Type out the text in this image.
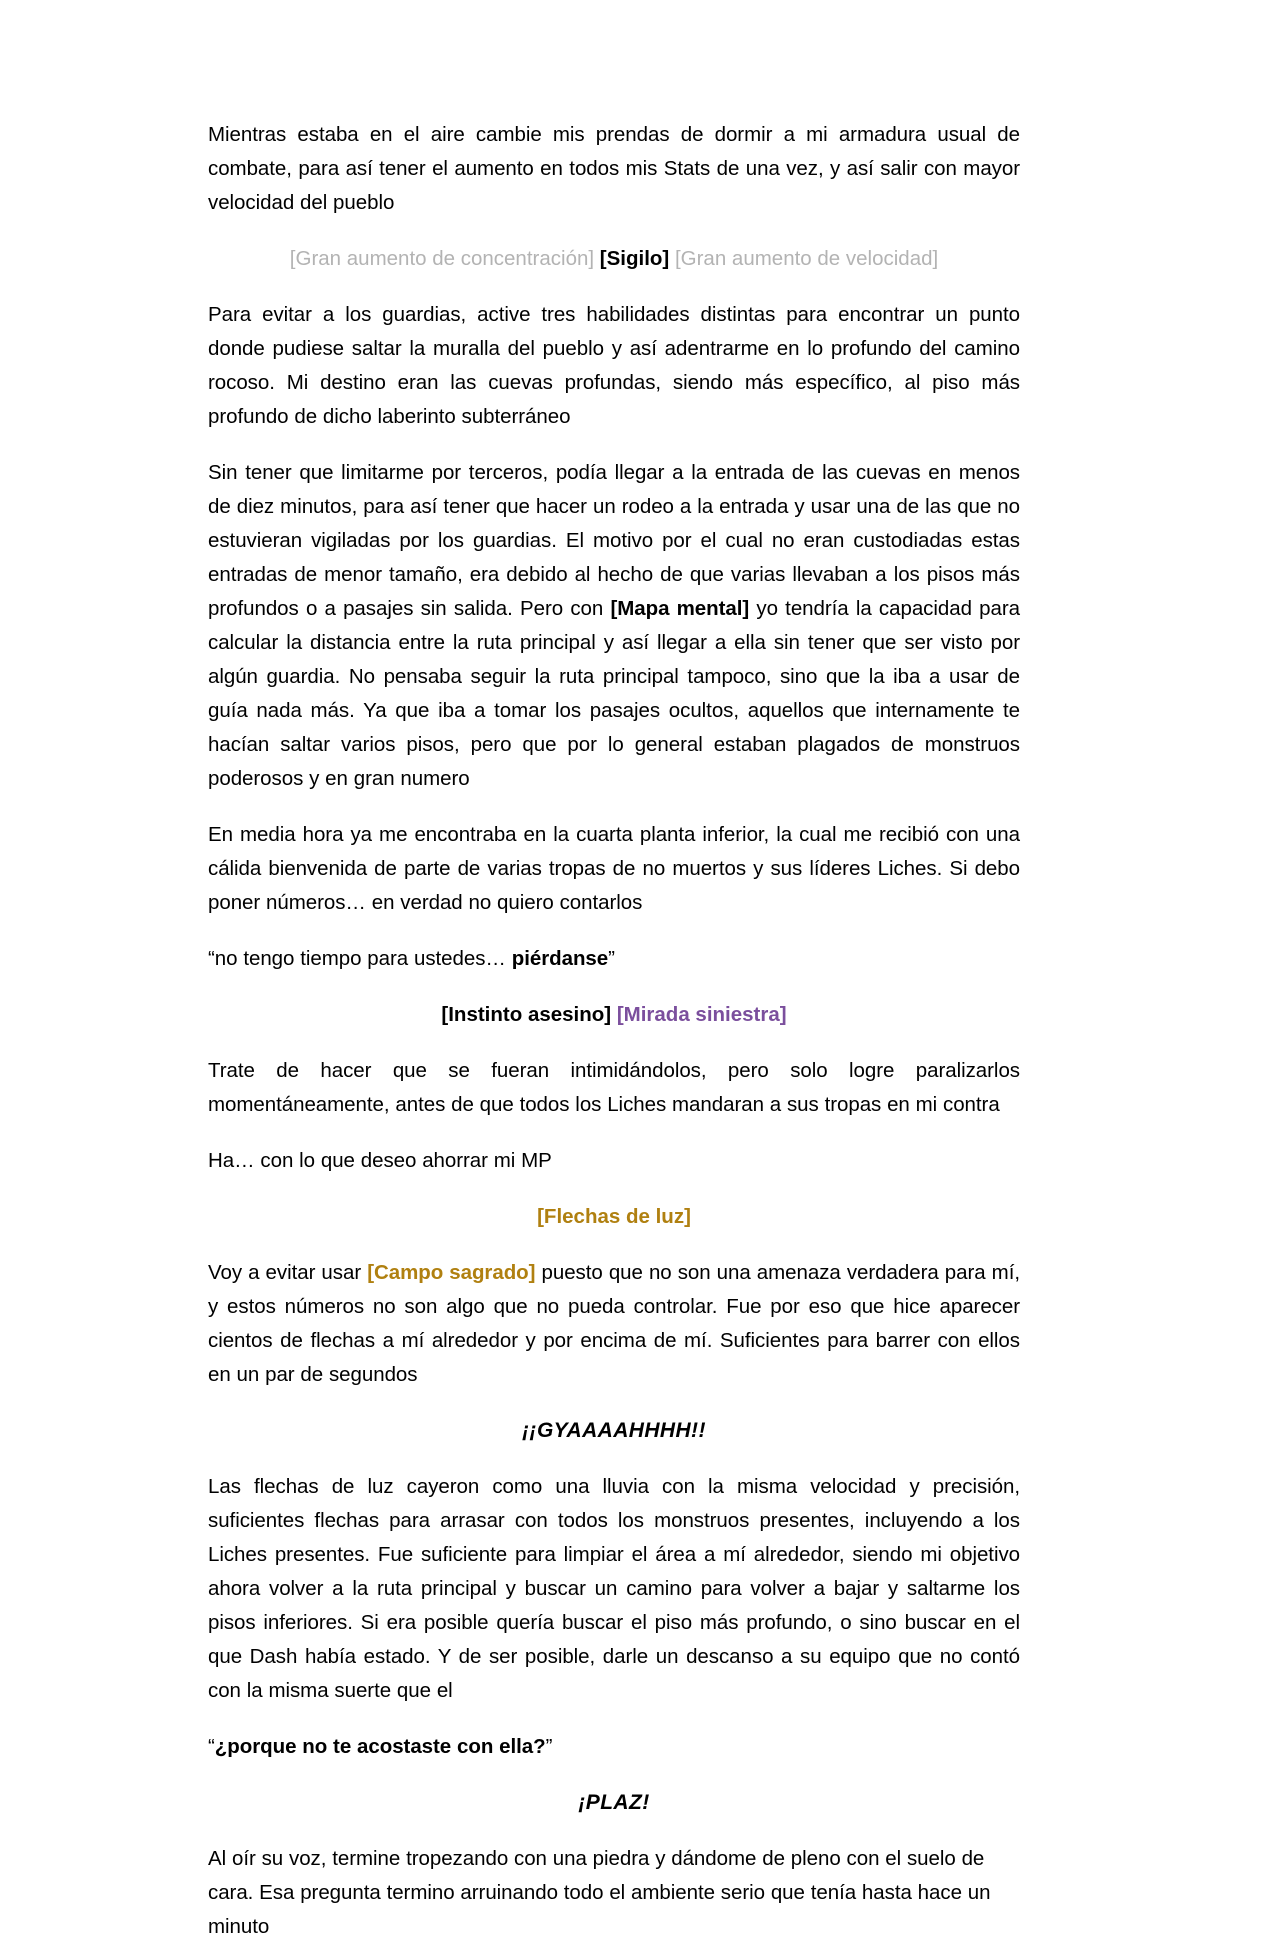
Mientras estaba en el aire cambie mis prendas de dormir a mi armadura usual de combate, para así tener el aumento en todos mis Stats de una vez, y así salir con mayor velocidad del pueblo

[Gran aumento de concentración] [Sigilo] [Gran aumento de velocidad]

Para evitar a los guardias, active tres habilidades distintas para encontrar un punto donde pudiese saltar la muralla del pueblo y así adentrarme en lo profundo del camino rocoso. Mi destino eran las cuevas profundas, siendo más específico, al piso más profundo de dicho laberinto subterráneo

Sin tener que limitarme por terceros, podía llegar a la entrada de las cuevas en menos de diez minutos, para así tener que hacer un rodeo a la entrada y usar una de las que no estuvieran vigiladas por los guardias. El motivo por el cual no eran custodiadas estas entradas de menor tamaño, era debido al hecho de que varias llevaban a los pisos más profundos o a pasajes sin salida. Pero con [Mapa mental] yo tendría la capacidad para calcular la distancia entre la ruta principal y así llegar a ella sin tener que ser visto por algún guardia. No pensaba seguir la ruta principal tampoco, sino que la iba a usar de guía nada más. Ya que iba a tomar los pasajes ocultos, aquellos que internamente te hacían saltar varios pisos, pero que por lo general estaban plagados de monstruos poderosos y en gran numero

En media hora ya me encontraba en la cuarta planta inferior, la cual me recibió con una cálida bienvenida de parte de varias tropas de no muertos y sus líderes Liches. Si debo poner números… en verdad no quiero contarlos

“no tengo tiempo para ustedes… piérdanse”

[Instinto asesino] [Mirada siniestra]

Trate de hacer que se fueran intimidándolos, pero solo logre paralizarlos momentáneamente, antes de que todos los Liches mandaran a sus tropas en mi contra

Ha… con lo que deseo ahorrar mi MP

[Flechas de luz]

Voy a evitar usar [Campo sagrado] puesto que no son una amenaza verdadera para mí, y estos números no son algo que no pueda controlar. Fue por eso que hice aparecer cientos de flechas a mí alrededor y por encima de mí. Suficientes para barrer con ellos en un par de segundos

¡¡GYAAAAHHHH!!

Las flechas de luz cayeron como una lluvia con la misma velocidad y precisión, suficientes flechas para arrasar con todos los monstruos presentes, incluyendo a los Liches presentes. Fue suficiente para limpiar el área a mí alrededor, siendo mi objetivo ahora volver a la ruta principal y buscar un camino para volver a bajar y saltarme los pisos inferiores. Si era posible quería buscar el piso más profundo, o sino buscar en el que Dash había estado. Y de ser posible, darle un descanso a su equipo que no contó con la misma suerte que el

“¿porque no te acostaste con ella?”

¡PLAZ!

Al oír su voz, termine tropezando con una piedra y dándome de pleno con el suelo de cara. Esa pregunta termino arruinando todo el ambiente serio que tenía hasta hace un minuto
